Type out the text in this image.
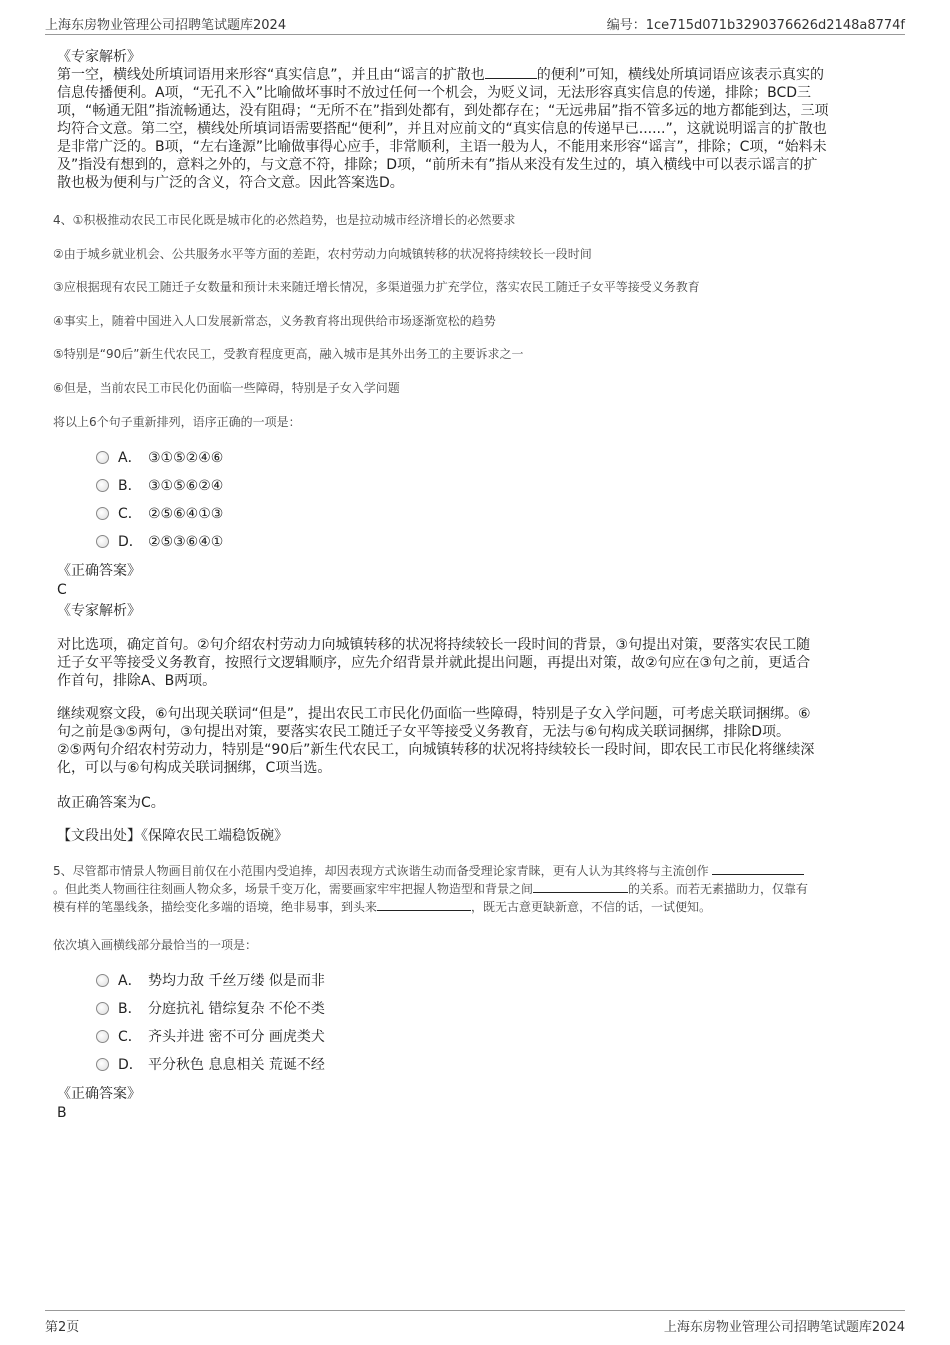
上海东房物业管理公司招聘笔试题库2024	编号：1ce715d071b3290376626d2148a8774f

《专家解析》

第一空，横线处所填词语用来形容“真实信息”，并且由“谣言的扩散也	的便利”可知，横线处所填词语应该表示真实的

信息传播便利。A项，“无孔不入”比喻做坏事时不放过任何一个机会，为贬义词，无法形容真实信息的传递，排除；BCD三

项，“畅通无阻”指流畅通达，没有阻碍；“无所不在”指到处都有，到处都存在；“无远弗届”指不管多远的地方都能到达，三项

均符合文意。第二空，横线处所填词语需要搭配“便利”，并且对应前文的“真实信息的传递早已......”，这就说明谣言的扩散也

是非常广泛的。B项，“左右逢源”比喻做事得心应手，非常顺利，主语一般为人，不能用来形容“谣言”，排除；C项，“始料未

及”指没有想到的，意料之外的，与文意不符，排除；D项，“前所未有”指从来没有发生过的，填入横线中可以表示谣言的扩

散也极为便利与广泛的含义，符合文意。因此答案选D。

4、①积极推动农民工市民化既是城市化的必然趋势，也是拉动城市经济增长的必然要求

②由于城乡就业机会、公共服务水平等方面的差距，农村劳动力向城镇转移的状况将持续较长一段时间

③应根据现有农民工随迁子女数量和预计未来随迁增长情况，多渠道强力扩充学位，落实农民工随迁子女平等接受义务教育

④事实上，随着中国进入人口发展新常态，义务教育将出现供给市场逐渐宽松的趋势

⑤特别是“90后”新生代农民工，受教育程度更高，融入城市是其外出务工的主要诉求之一

⑥但是，当前农民工市民化仍面临一些障碍，特别是子女入学问题

将以上6个句子重新排列，语序正确的一项是：

A． ③①⑤②④⑥
B． ③①⑤⑥②④
C． ②⑤⑥④①③
D． ②⑤③⑥④①

《正确答案》

C

《专家解析》

对比选项，确定首句。②句介绍农村劳动力向城镇转移的状况将持续较长一段时间的背景，③句提出对策，要落实农民工随

迁子女平等接受义务教育，按照行文逻辑顺序，应先介绍背景并就此提出问题，再提出对策，故②句应在③句之前，更适合

作首句，排除A、B两项。

继续观察文段，⑥句出现关联词“但是”，提出农民工市民化仍面临一些障碍，特别是子女入学问题，可考虑关联词捆绑。⑥

句之前是③⑤两句，③句提出对策，要落实农民工随迁子女平等接受义务教育，无法与⑥句构成关联词捆绑，排除D项。

②⑤两句介绍农村劳动力，特别是“90后”新生代农民工，向城镇转移的状况将持续较长一段时间，即农民工市民化将继续深

化，可以与⑥句构成关联词捆绑，C项当选。

故正确答案为C。

【文段出处】《保障农民工端稳饭碗》

5、尽管都市情景人物画目前仅在小范围内受追捧，却因表现方式诙谐生动而备受理论家青睐，更有人认为其终将与主流创作
。但此类人物画往往刻画人物众多，场景千变万化，需要画家牢牢把握人物造型和背景之间	的关系。而若无素描助力，仅靠有
模有样的笔墨线条，描绘变化多端的语境，绝非易事，到头来	，既无古意更缺新意，不信的话，一试便知。

依次填入画横线部分最恰当的一项是：

A． 势均力敌 千丝万缕 似是而非
B． 分庭抗礼 错综复杂 不伦不类
C． 齐头并进 密不可分 画虎类犬
D． 平分秋色 息息相关 荒诞不经

《正确答案》

B

第2页	上海东房物业管理公司招聘笔试题库2024
